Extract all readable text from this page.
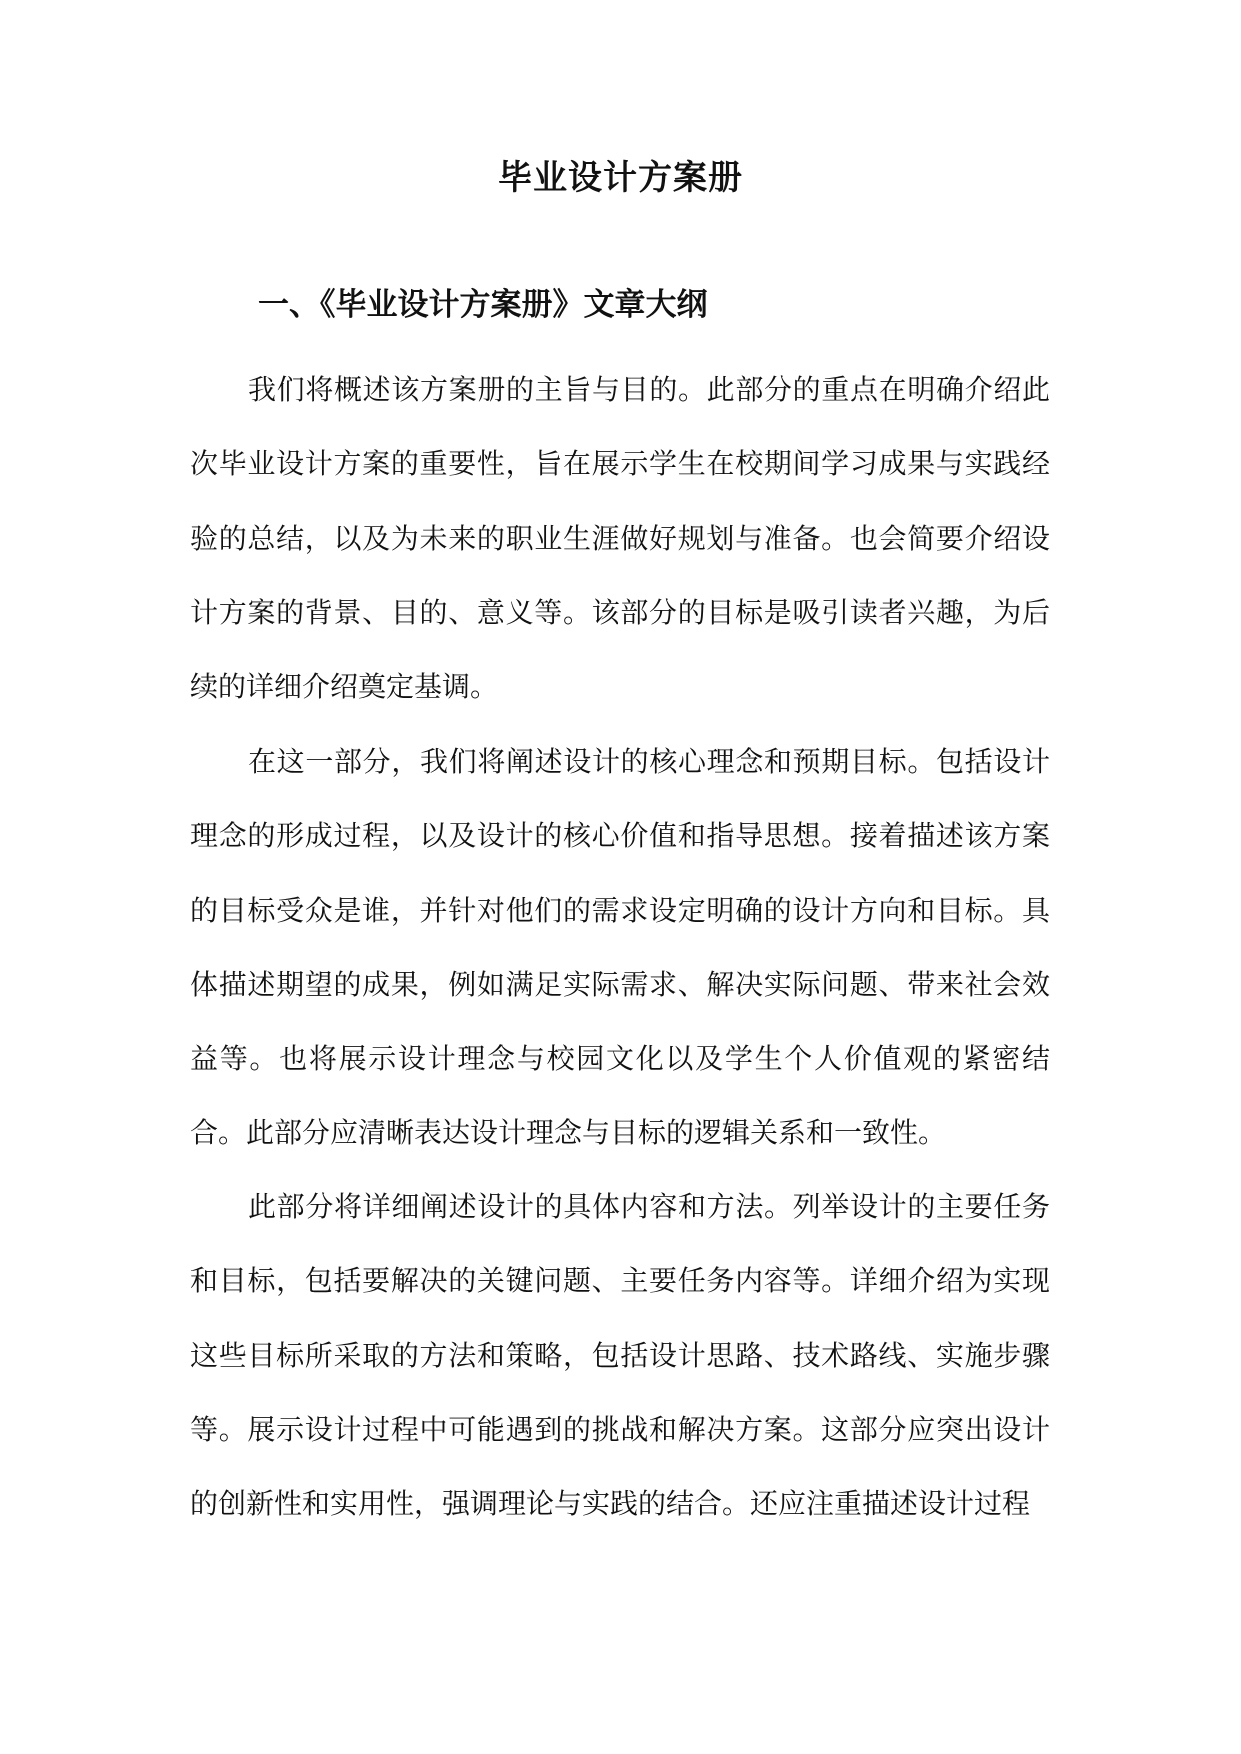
毕业设计方案册
一、《毕业设计方案册》文章大纲

我们将概述该方案册的主旨与目的。此部分的重点在明确介绍此次毕业设计方案的重要性，旨在展示学生在校期间学习成果与实践经验的总结，以及为未来的职业生涯做好规划与准备。也会简要介绍设计方案的背景、目的、意义等。该部分的目标是吸引读者兴趣，为后续的详细介绍奠定基调。

在这一部分，我们将阐述设计的核心理念和预期目标。包括设计理念的形成过程，以及设计的核心价值和指导思想。接着描述该方案的目标受众是谁，并针对他们的需求设定明确的设计方向和目标。具体描述期望的成果，例如满足实际需求、解决实际问题、带来社会效益等。也将展示设计理念与校园文化以及学生个人价值观的紧密结合。此部分应清晰表达设计理念与目标的逻辑关系和一致性。

此部分将详细阐述设计的具体内容和方法。列举设计的主要任务和目标，包括要解决的关键问题、主要任务内容等。详细介绍为实现这些目标所采取的方法和策略，包括设计思路、技术路线、实施步骤等。展示设计过程中可能遇到的挑战和解决方案。这部分应突出设计的创新性和实用性，强调理论与实践的结合。还应注重描述设计过程
